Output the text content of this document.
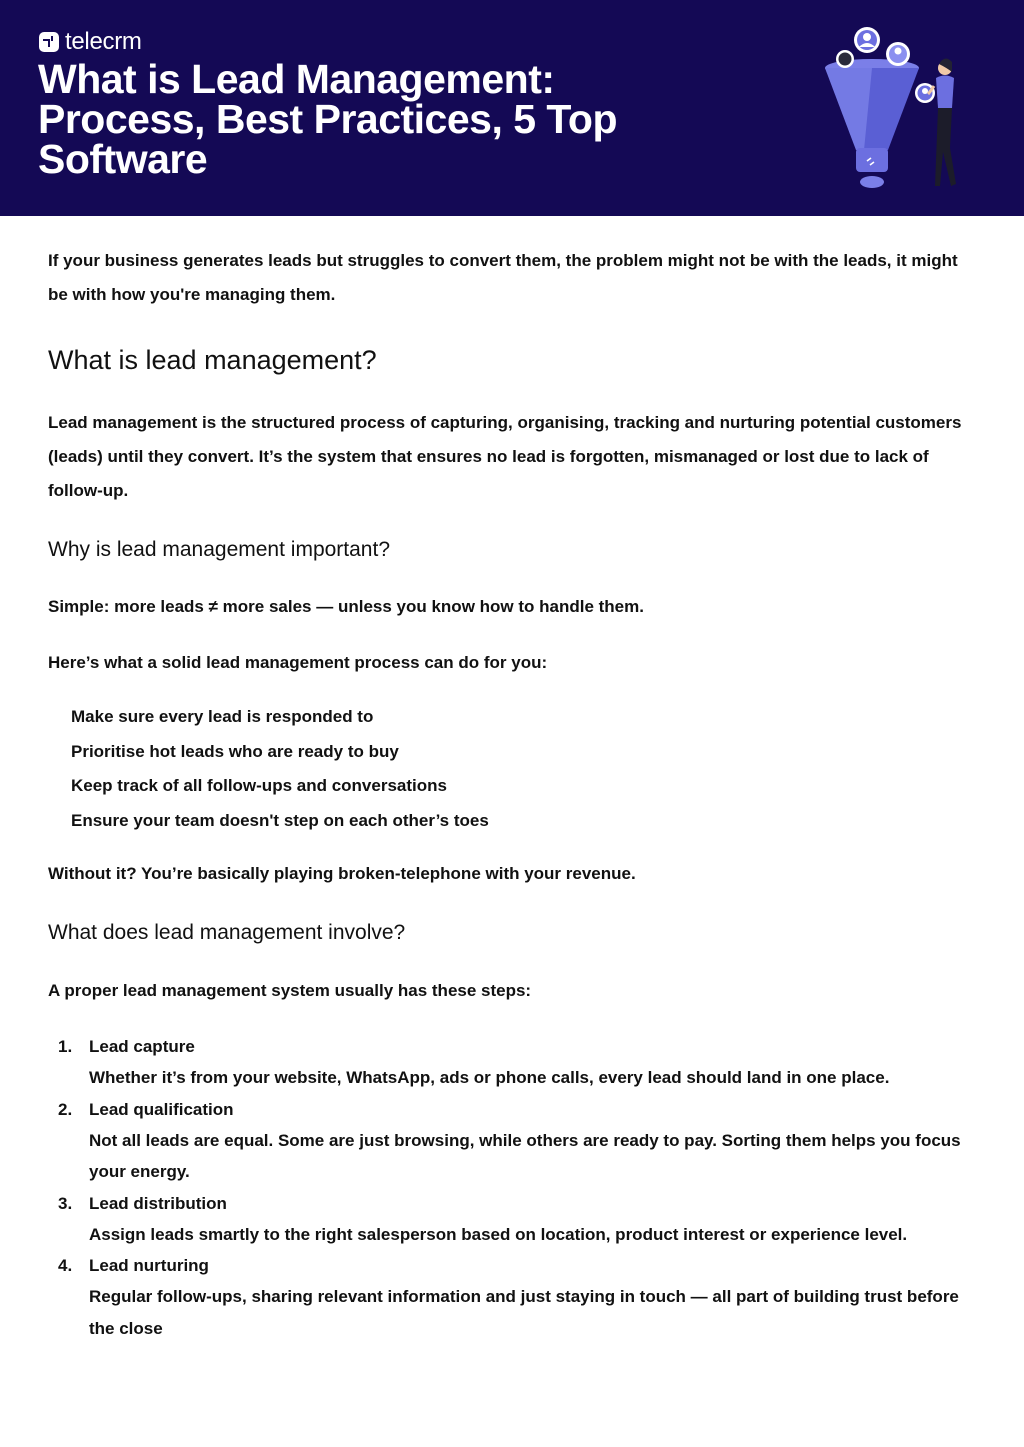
telecrm
What is Lead Management: Process, Best Practices, 5 Top Software

If your business generates leads but struggles to convert them, the problem might not be with the leads, it might be with how you're managing them.

What is lead management?

Lead management is the structured process of capturing, organising, tracking and nurturing potential customers (leads) until they convert. It’s the system that ensures no lead is forgotten, mismanaged or lost due to lack of follow-up.

Why is lead management important?

Simple: more leads ≠ more sales — unless you know how to handle them.

Here’s what a solid lead management process can do for you:

Make sure every lead is responded to
Prioritise hot leads who are ready to buy
Keep track of all follow-ups and conversations
Ensure your team doesn't step on each other’s toes

Without it? You’re basically playing broken-telephone with your revenue.

What does lead management involve?

A proper lead management system usually has these steps:

1. Lead capture
Whether it’s from your website, WhatsApp, ads or phone calls, every lead should land in one place.
2. Lead qualification
Not all leads are equal. Some are just browsing, while others are ready to pay. Sorting them helps you focus your energy.
3. Lead distribution
Assign leads smartly to the right salesperson based on location, product interest or experience level.
4. Lead nurturing
Regular follow-ups, sharing relevant information and just staying in touch — all part of building trust before the close
